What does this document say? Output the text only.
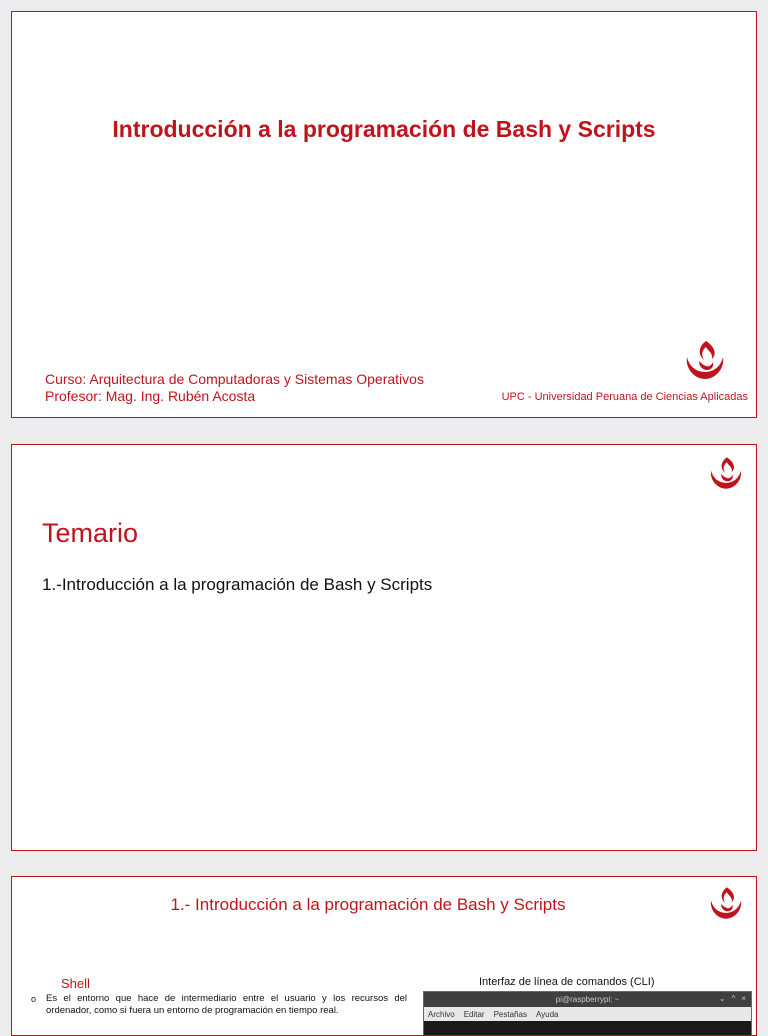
Introducción a la programación de Bash y Scripts
Curso: Arquitectura de Computadoras y Sistemas Operativos
Profesor: Mag. Ing. Rubén Acosta	UPC - Universidad Peruana de Ciencias Aplicadas
Temario
1.-Introducción a la programación de Bash y Scripts
1.- Introducción a la programación de Bash y Scripts
Shell
o	Es el entorno que hace de intermediario entre el usuario y los recursos del ordenador, como si fuera un entorno de programación en tiempo real.
Interfaz de línea de comandos (CLI)
pi@raspberrypi: ~	⌄ ^ ×
Archivo Editar Pestañas Ayuda
